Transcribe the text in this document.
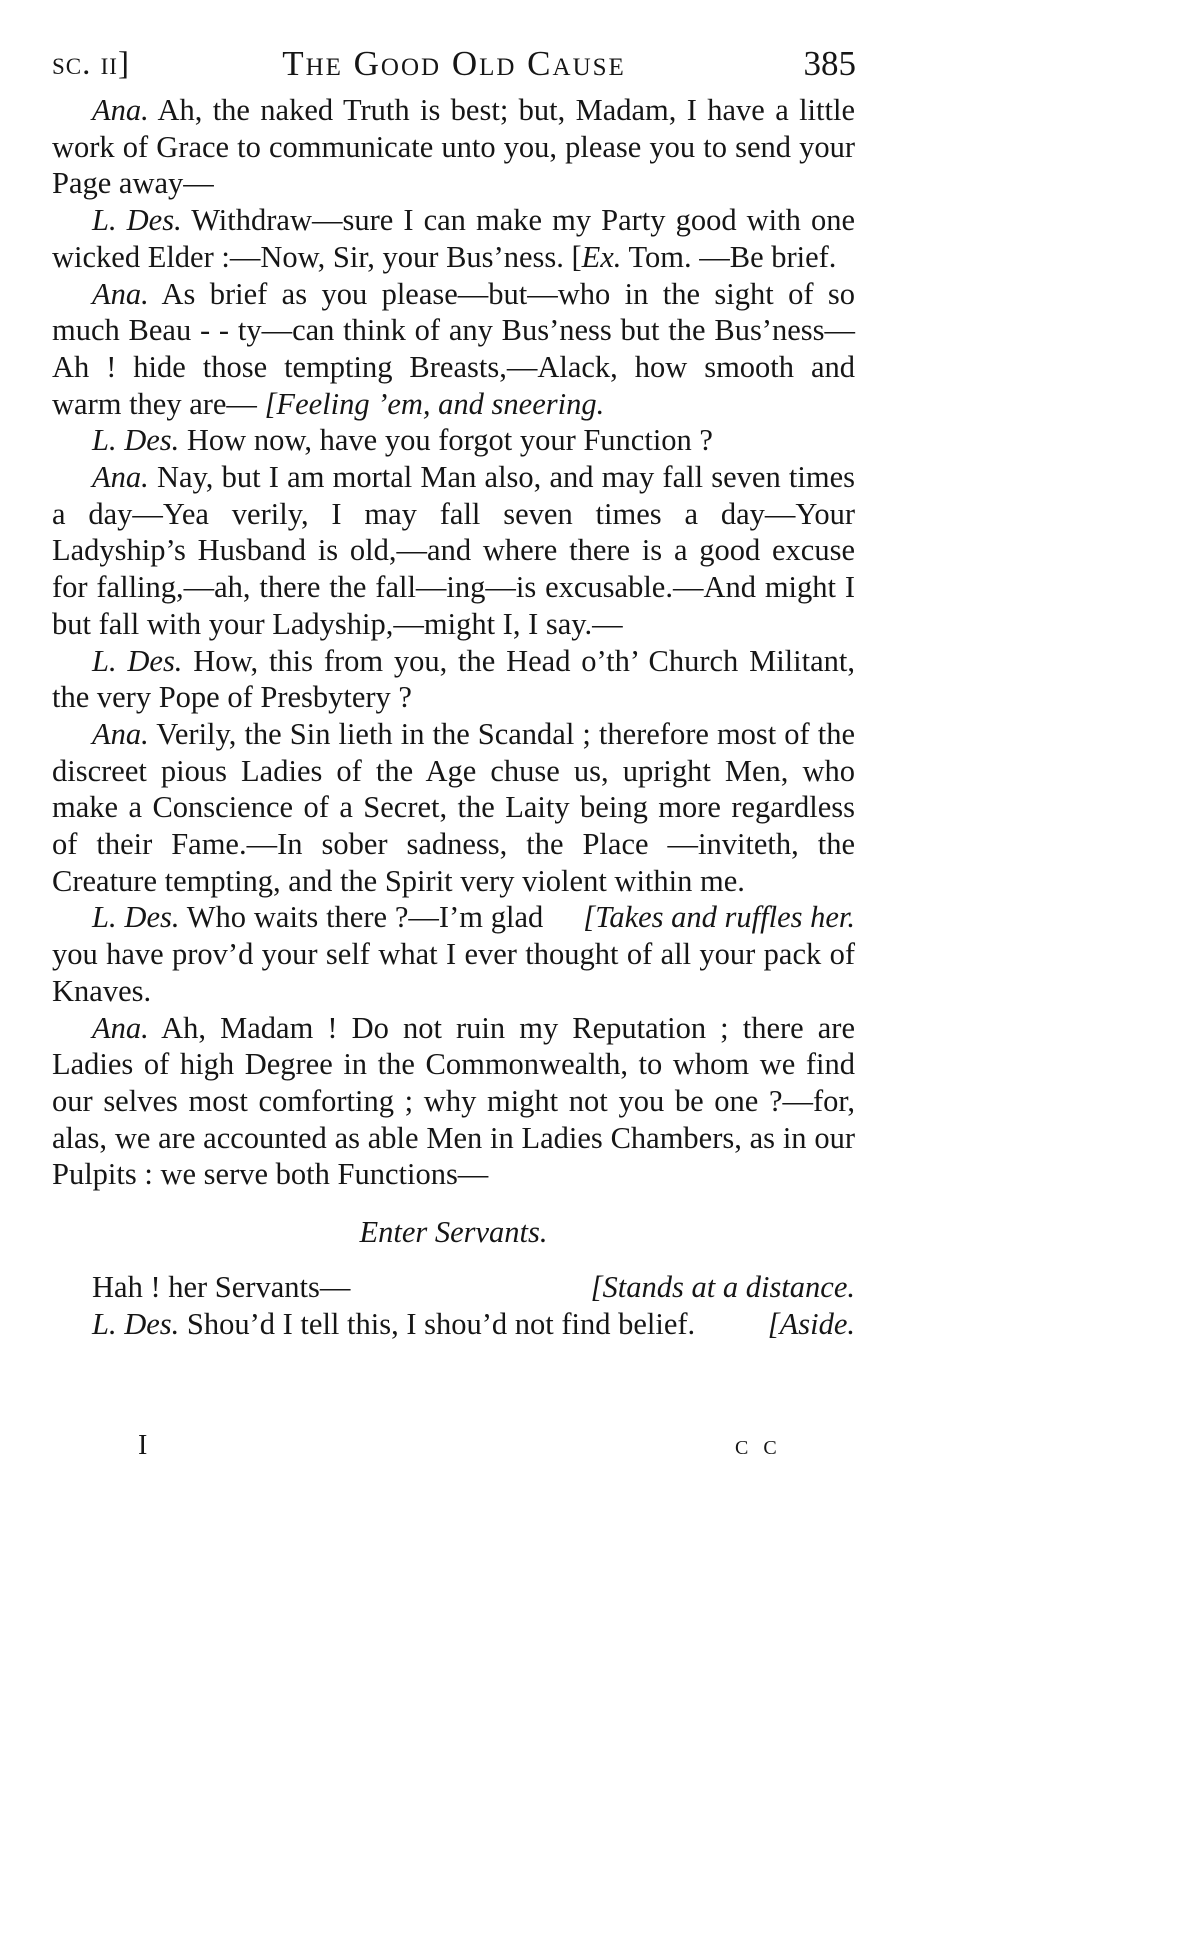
sc. ii]	The Good Old Cause	385

Ana. Ah, the naked Truth is best; but, Madam, I have a little work of Grace to communicate unto you, please you to send your Page away—

L. Des. Withdraw—sure I can make my Party good with one wicked Elder :—Now, Sir, your Bus’ness. [Ex. Tom. —Be brief.

Ana. As brief as you please—but—who in the sight of so much Beau - - ty—can think of any Bus’ness but the Bus’ness—Ah ! hide those tempting Breasts,—Alack, how smooth and warm they are— [Feeling ’em, and sneering.

L. Des. How now, have you forgot your Function ?

Ana. Nay, but I am mortal Man also, and may fall seven times a day—Yea verily, I may fall seven times a day—Your Ladyship’s Husband is old,—and where there is a good excuse for falling,—ah, there the fall—ing—is excusable.—And might I but fall with your Ladyship,—might I, I say.—

L. Des. How, this from you, the Head o’th’ Church Militant, the very Pope of Presbytery ?

Ana. Verily, the Sin lieth in the Scandal ; therefore most of the discreet pious Ladies of the Age chuse us, upright Men, who make a Conscience of a Secret, the Laity being more regardless of their Fame.—In sober sadness, the Place —inviteth, the Creature tempting, and the Spirit very violent within me.
[Takes and ruffles her.

L. Des. Who waits there ?—I’m glad you have prov’d your self what I ever thought of all your pack of Knaves.

Ana. Ah, Madam ! Do not ruin my Reputation ; there are Ladies of high Degree in the Commonwealth, to whom we find our selves most comforting ; why might not you be one ?—for, alas, we are accounted as able Men in Ladies Chambers, as in our Pulpits : we serve both Functions—

Enter Servants.

Hah ! her Servants—	[Stands at a distance.

L. Des. Shou’d I tell this, I shou’d not find belief. [Aside.

I	c c
